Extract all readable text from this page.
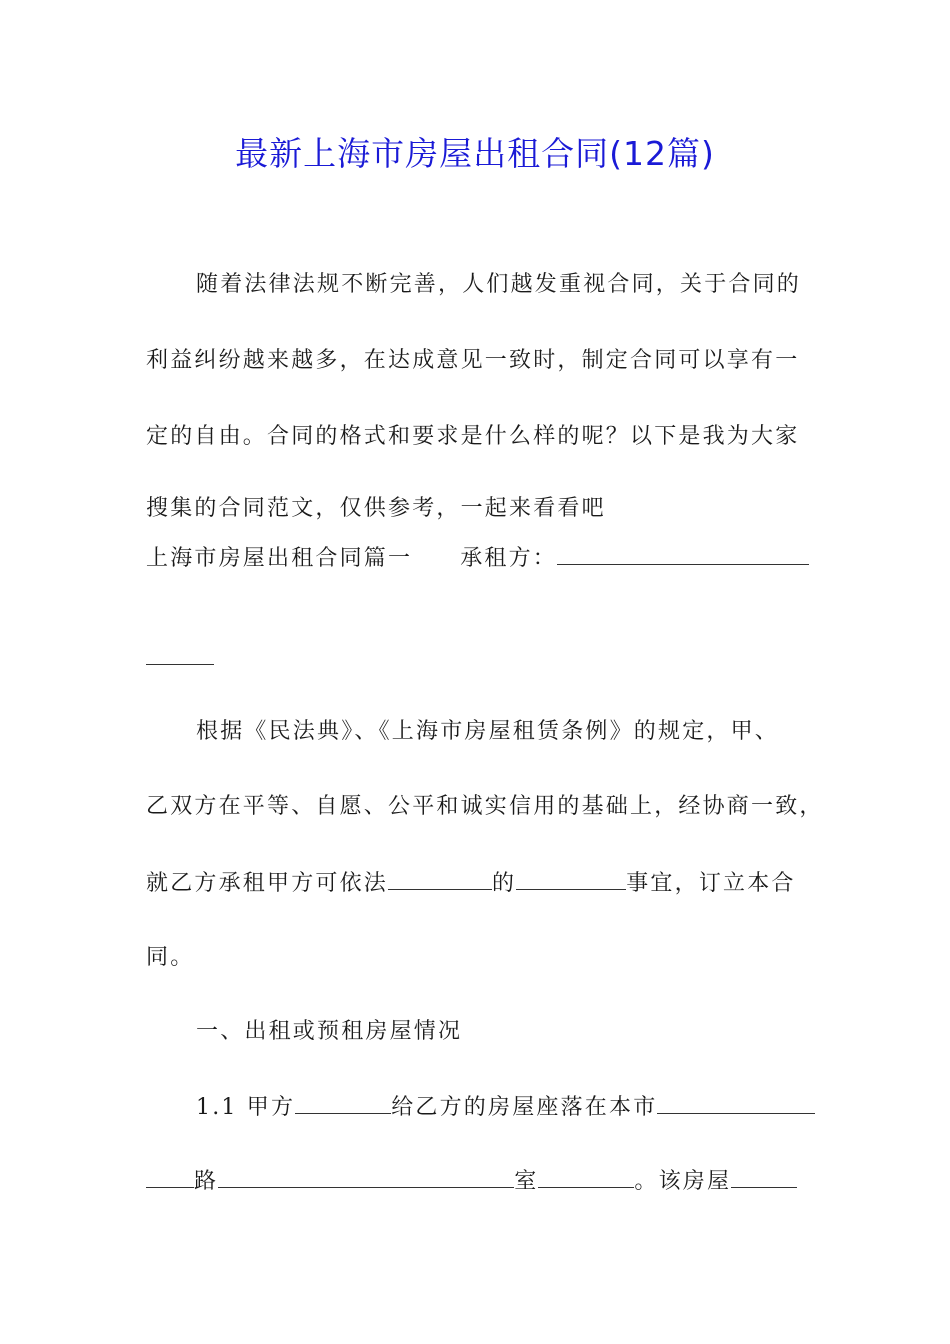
最新上海市房屋出租合同(12篇)
随着法律法规不断完善，人们越发重视合同，关于合同的
利益纠纷越来越多，在达成意见一致时，制定合同可以享有一
定的自由。合同的格式和要求是什么样的呢？以下是我为大家
搜集的合同范文，仅供参考，一起来看看吧
上海市房屋出租合同篇一 承租方：
根据《民法典》、《上海市房屋租赁条例》的规定，甲、
乙双方在平等、自愿、公平和诚实信用的基础上，经协商一致，
就乙方承租甲方可依法	的	事宜，订立本合
同。
一、出租或预租房屋情况
1.1 甲方	给乙方的房屋座落在本市
路	室	。该房屋
